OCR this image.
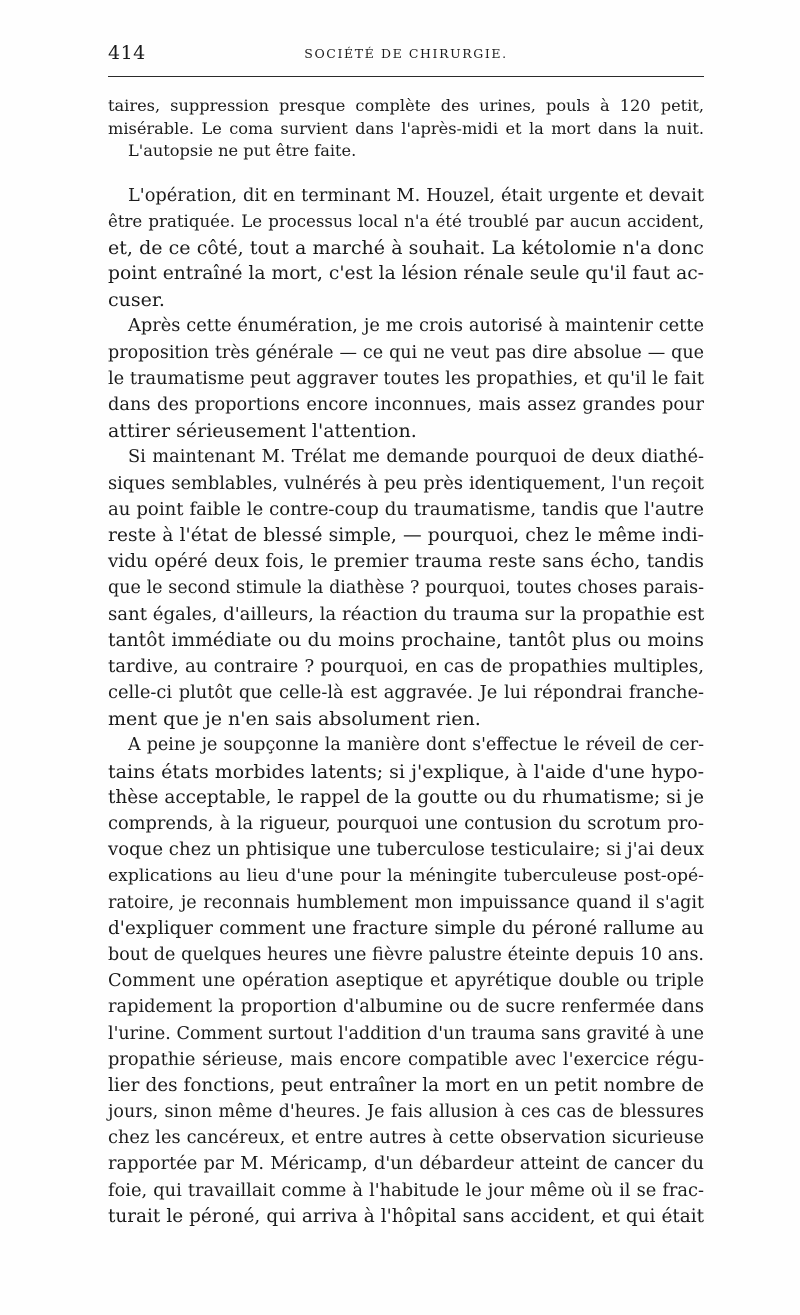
414	SOCIÉTÉ DE CHIRURGIE.
taires, suppression presque complète des urines, pouls à 120 petit,
misérable. Le coma survient dans l'après-midi et la mort dans la nuit.
L'autopsie ne put être faite.
L'opération, dit en terminant M. Houzel, était urgente et devait
être pratiquée. Le processus local n'a été troublé par aucun accident,
et, de ce côté, tout a marché à souhait. La kétolomie n'a donc
point entraîné la mort, c'est la lésion rénale seule qu'il faut ac-
cuser.
Après cette énumération, je me crois autorisé à maintenir cette
proposition très générale — ce qui ne veut pas dire absolue — que
le traumatisme peut aggraver toutes les propathies, et qu'il le fait
dans des proportions encore inconnues, mais assez grandes pour
attirer sérieusement l'attention.
Si maintenant M. Trélat me demande pourquoi de deux diathé-
siques semblables, vulnérés à peu près identiquement, l'un reçoit
au point faible le contre-coup du traumatisme, tandis que l'autre
reste à l'état de blessé simple, — pourquoi, chez le même indi-
vidu opéré deux fois, le premier trauma reste sans écho, tandis
que le second stimule la diathèse ? pourquoi, toutes choses parais-
sant égales, d'ailleurs, la réaction du trauma sur la propathie est
tantôt immédiate ou du moins prochaine, tantôt plus ou moins
tardive, au contraire ? pourquoi, en cas de propathies multiples,
celle-ci plutôt que celle-là est aggravée. Je lui répondrai franche-
ment que je n'en sais absolument rien.
A peine je soupçonne la manière dont s'effectue le réveil de cer-
tains états morbides latents; si j'explique, à l'aide d'une hypo-
thèse acceptable, le rappel de la goutte ou du rhumatisme; si je
comprends, à la rigueur, pourquoi une contusion du scrotum pro-
voque chez un phtisique une tuberculose testiculaire; si j'ai deux
explications au lieu d'une pour la méningite tuberculeuse post-opé-
ratoire, je reconnais humblement mon impuissance quand il s'agit
d'expliquer comment une fracture simple du péroné rallume au
bout de quelques heures une fièvre palustre éteinte depuis 10 ans.
Comment une opération aseptique et apyrétique double ou triple
rapidement la proportion d'albumine ou de sucre renfermée dans
l'urine. Comment surtout l'addition d'un trauma sans gravité à une
propathie sérieuse, mais encore compatible avec l'exercice régu-
lier des fonctions, peut entraîner la mort en un petit nombre de
jours, sinon même d'heures. Je fais allusion à ces cas de blessures
chez les cancéreux, et entre autres à cette observation sicurieuse
rapportée par M. Méricamp, d'un débardeur atteint de cancer du
foie, qui travaillait comme à l'habitude le jour même où il se frac-
turait le péroné, qui arriva à l'hôpital sans accident, et qui était
